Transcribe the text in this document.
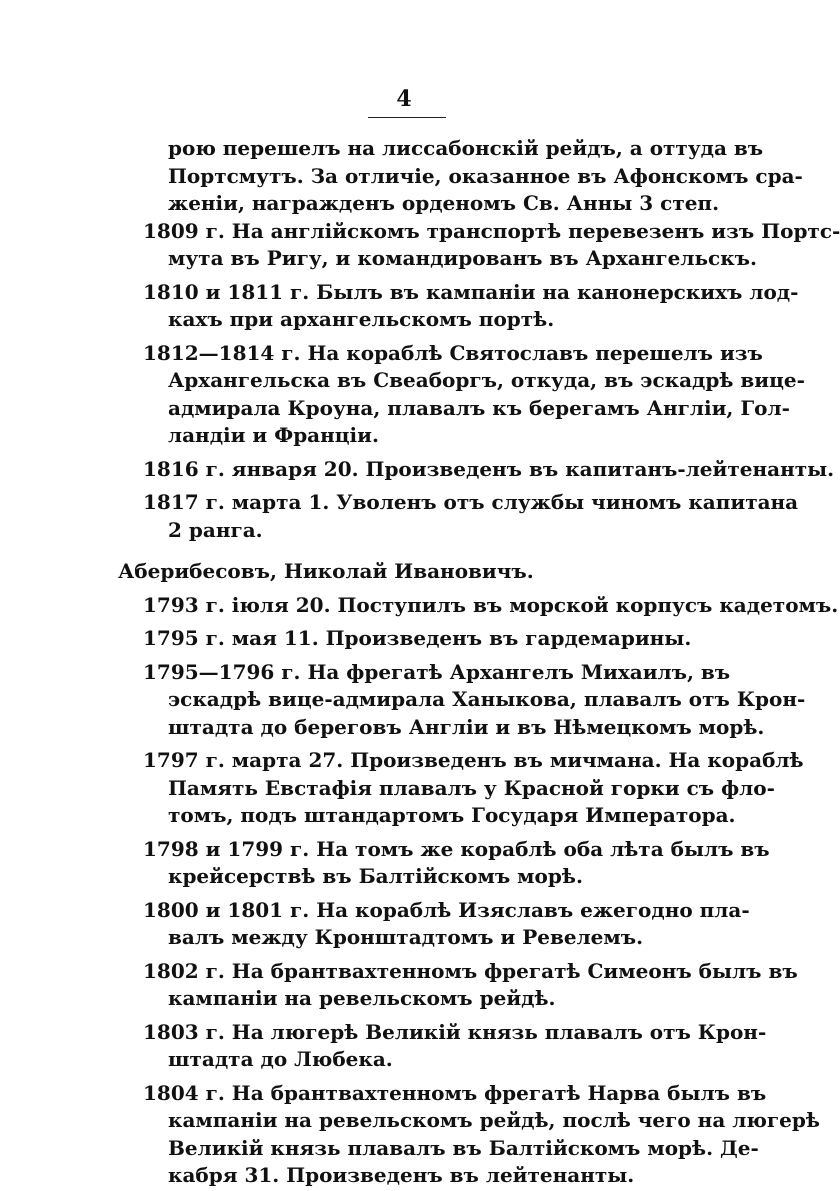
4
рою перешелъ на лиссабонскій рейдъ, а оттуда въ
Портсмутъ. За отличіе, оказанное въ Афонскомъ сра-
женіи, награжденъ орденомъ Св. Анны 3 степ.
1809 г. На англійскомъ транспортѣ перевезенъ изъ Портс-
мута въ Ригу, и командированъ въ Архангельскъ.
1810 и 1811 г. Былъ въ кампаніи на канонерскихъ лод-
кахъ при архангельскомъ портѣ.
1812—1814 г. На кораблѣ Святославъ перешелъ изъ
Архангельска въ Свеаборгъ, откуда, въ эскадрѣ вице-
адмирала Кроуна, плавалъ къ берегамъ Англіи, Гол-
ландіи и Франціи.
1816 г. января 20. Произведенъ въ капитанъ-лейтенанты.
1817 г. марта 1. Уволенъ отъ службы чиномъ капитана
2 ранга.
Аберибесовъ, Николай Ивановичъ.
1793 г. іюля 20. Поступилъ въ морской корпусъ кадетомъ.
1795 г. мая 11. Произведенъ въ гардемарины.
1795—1796 г. На фрегатѣ Архангелъ Михаилъ, въ
эскадрѣ вице-адмирала Ханыкова, плавалъ отъ Крон-
штадта до береговъ Англіи и въ Нѣмецкомъ морѣ.
1797 г. марта 27. Произведенъ въ мичмана. На кораблѣ
Память Евстафія плавалъ у Красной горки съ фло-
томъ, подъ штандартомъ Государя Императора.
1798 и 1799 г. На томъ же кораблѣ оба лѣта былъ въ
крейсерствѣ въ Балтійскомъ морѣ.
1800 и 1801 г. На кораблѣ Изяславъ ежегодно пла-
валъ между Кронштадтомъ и Ревелемъ.
1802 г. На брантвахтенномъ фрегатѣ Симеонъ былъ въ
кампаніи на ревельскомъ рейдѣ.
1803 г. На люгерѣ Великій князь плавалъ отъ Крон-
штадта до Любека.
1804 г. На брантвахтенномъ фрегатѣ Нарва былъ въ
кампаніи на ревельскомъ рейдѣ, послѣ чего на люгерѣ
Великій князь плавалъ въ Балтійскомъ морѣ. Де-
кабря 31. Произведенъ въ лейтенанты.
